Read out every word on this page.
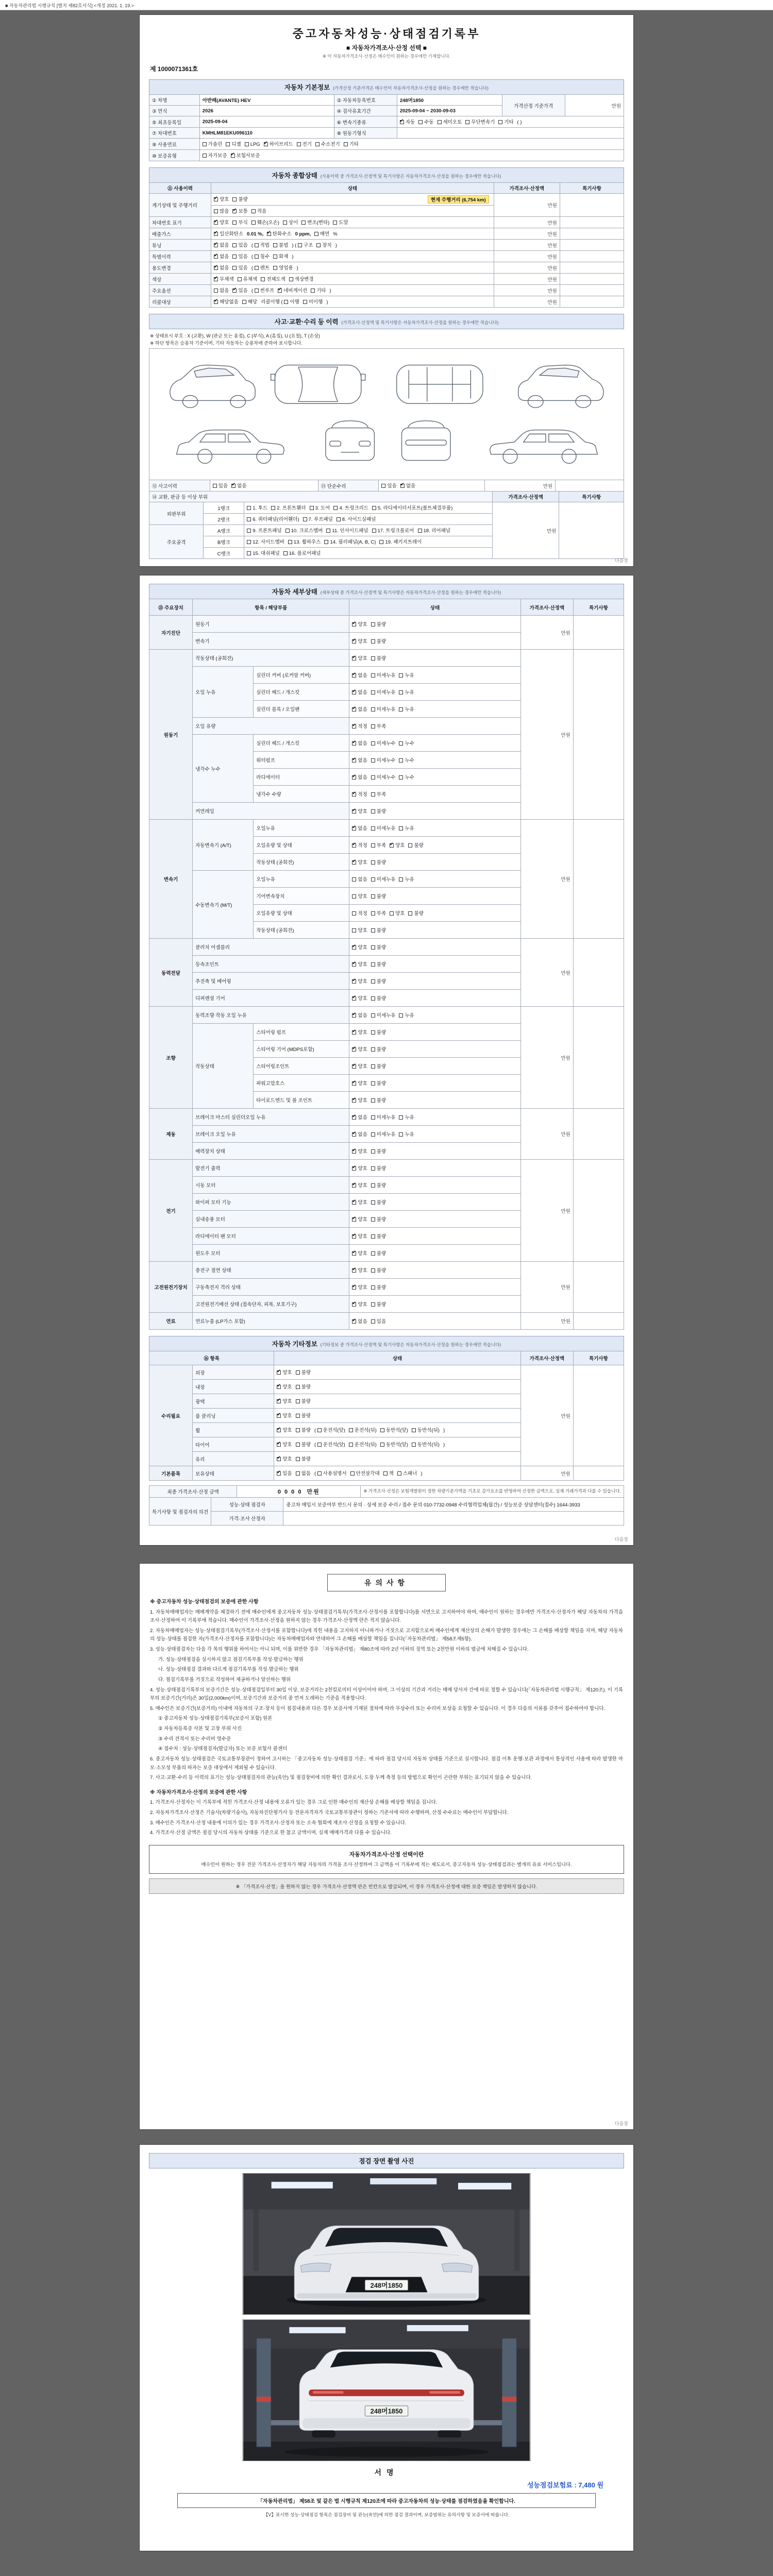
■ 자동차관리법 시행규칙 [별지 제82호서식] <개정 2021. 1. 19.>
중고자동차성능·상태점검기록부
■ 자동차가격조사·산정 선택 ■
※ 이 자동차가격조사·산정은 매수인이 원하는 경우에만 기재합니다.
제 1000071361호
자동차 기본정보 (가격산정 기준가격은 매수인이 자동차가격조사·산정을 원하는 경우에만 적습니다)
① 차명	아반떼(AVANTE) HEV	② 자동차등록번호	248머1850	가격산정 기준가격	만원
③ 연식	2026	④ 검사유효기간	2025-09-04 ~ 2030-09-03		
⑤ 최초등록일	2025-09-04	⑥ 변속기종류	✔자동 수동 세미오토 무단변속기 기타 ( )
⑦ 차대번호	KMHLM81EKU096110	⑧ 원동기형식			
⑨ 사용연료	가솔린 디젤 LPG ✔ 하이브리드 전기 수소전기 기타
⑩ 보증유형	자가보증 ✔ 보험사보증
자동차 종합상태 (사용이력 중 가격조사·산정액 및 특기사항은 자동차가격조사·산정을 원하는 경우에만 적습니다)
⑪ 사용이력	상태	가격조사·산정액	특기사항
계기상태 및 주행거리	✔양호 불량 현재 주행거리 (6,754 km)	만원	
	많음 ✔ 보통 적음
차대번호 표기	✔양호 부식 훼손(오손) 상이 변조(변타) 도말	만원	
배출가스	✔일산화탄소 0.01 %, ✔ 탄화수소 0 ppm, 매연 %	만원	
튜닝	✔없음 있음 ( 적법 불법 ) ( 구조 장치 )	만원	
특별이력	✔없음 있음 ( 침수 화재 )	만원	
용도변경	✔없음 있음 ( 렌트 영업용 )	만원	
색상	✔무채색 유채색 전체도색 색상변경	만원	
주요옵션	없음 ✔ 있음 ( 썬루프 ✔ 네비게이션 기타 )	만원	
리콜대상	✔해당없음 해당 리콜이행 ( 이행 미이행 )	만원	
사고·교환·수리 등 이력 (가격조사·산정액 및 특기사항은 자동차가격조사·산정을 원하는 경우에만 적습니다)
※ 상태표시 부호 : X (교환), W (판금 또는 용접), C (부식), A (흠집), U (요철), T (손상)
※ 하단 항목은 승용차 기준이며, 기타 자동차는 승용차에 준하여 표시합니다.
⑫ 사고이력	있음 ✔ 없음	⑬ 단순수리	있음 ✔ 없음	만원	
⑭ 교환, 판금 등 이상 부위			가격조사·산정액	특기사항
외판부위	1랭크	1. 후드 2. 프론트휀더 3. 도어 4. 트렁크리드 5. 라디에이터서포트(볼트체결부품)	만원	
	2랭크	6. 쿼터패널(리어휀더) 7. 루프패널 8. 사이드실패널		
주요골격	A랭크	9. 프론트패널 10. 크로스멤버 11. 인사이드패널 17. 트렁크플로어 18. 리어패널		
	B랭크	12. 사이드멤버 13. 휠하우스 14. 필러패널(A, B, C) 19. 패키지트레이		
	C랭크	15. 대쉬패널 16. 플로어패널		
다음장
자동차 세부상태 (세부상태 중 가격조사·산정액 및 특기사항은 자동차가격조사·산정을 원하는 경우에만 적습니다)
⑮ 주요장치	항목 / 해당부품		상태	가격조사·산정액	특기사항
자기진단	원동기	✔양호 불량	만원	
	변속기	✔양호 불량
원동기	작동상태 (공회전)	✔양호 불량	만원	
	오일 누유	실린더 커버 (로커암 커버)	✔없음 미세누유 누유
		실린더 헤드 / 개스킷	✔없음 미세누유 누유
		실린더 블록 / 오일팬	✔없음 미세누유 누유
	오일 유량	✔적정 부족
	냉각수 누수	실린더 헤드 / 개스킷	✔없음 미세누수 누수
		워터펌프	✔없음 미세누수 누수
		라디에이터	✔없음 미세누수 누수
		냉각수 수량	✔적정 부족
	커먼레일	✔양호 불량
변속기	자동변속기 (A/T)	오일누유	✔없음 미세누유 누유	만원	
		오일유량 및 상태	✔적정 부족 ✔ 양호 불량
		작동상태 (공회전)	✔양호 불량
	수동변속기 (M/T)	오일누유	없음 미세누유 누유		
		기어변속장치	양호 불량		
		오일유량 및 상태	적정 부족 양호 불량		
		작동상태 (공회전)	양호 불량		
동력전달	클러치 어셈블리	✔양호 불량	만원	
	등속조인트	✔양호 불량
	추진축 및 베어링	✔양호 불량
	디퍼렌셜 기어	✔양호 불량
조향	동력조향 작동 오일 누유	✔없음 미세누유 누유	만원	
	작동상태	스티어링 펌프	✔양호 불량
		스티어링 기어 (MDPS포함)	✔양호 불량
		스티어링조인트	✔양호 불량
		파워고압호스	✔양호 불량
		타이로드엔드 및 볼 조인트	✔양호 불량
제동	브레이크 마스터 실린더오일 누유	✔없음 미세누유 누유	만원	
	브레이크 오일 누유	✔없음 미세누유 누유
	배력장치 상태	✔양호 불량
전기	발전기 출력	✔양호 불량	만원	
	시동 모터	✔양호 불량
	와이퍼 모터 기능	✔양호 불량
	실내송풍 모터	✔양호 불량
	라디에이터 팬 모터	✔양호 불량
	윈도우 모터	✔양호 불량
고전원전기장치	충전구 절연 상태	✔양호 불량	만원	
	구동축전지 격리 상태	✔양호 불량
	고전원전기배선 상태 (접속단자, 피복, 보호기구)	✔양호 불량
연료	연료누출 (LP가스 포함)	✔없음 있음	만원	
자동차 기타정보 (기타정보 중 가격조사·산정액 및 특기사항은 자동차가격조사·산정을 원하는 경우에만 적습니다)
⑯ 항목		상태	가격조사·산정액	특기사항
수리필요	외장	✔양호 불량	만원	
	내장	✔양호 불량
	광택	✔양호 불량
	룸 클리닝	✔양호 불량
	휠	✔양호 불량 ( 운전석(앞) 운전석(뒤) 동반석(앞) 동반석(뒤) )
	타이어	✔양호 불량 ( 운전석(앞) 운전석(뒤) 동반석(앞) 동반석(뒤) )
	유리	✔양호 불량
기본품목	보유상태	✔있음 없음 ( 사용설명서 안전삼각대 잭 스패너 )	만원	
최종 가격조사·산정 금액	0 0 0 0 만원	※ 가격조사·산정은 보험개발원이 정한 차량기준가액을 기초로 감가요소를 반영하여 산정한 금액으로, 실제 거래가격과 다를 수 있습니다.
특기사항 및 점검자의 의견	성능·상태 점검자	중고차 매입시 보증여부 반드시 문의 · 상세 보증 수리 / 접수 문의 010-7732-0948 수리협력업체(월간) / 성능보증 상담센터(접수) 1644-3933
	가격·조사 산정자	
다음장
유의사항
※ 중고자동차 성능·상태점검의 보증에 관한 사항
1. 자동차매매업자는 매매계약을 체결하기 전에 매수인에게 중고자동차 성능·상태점검기록부(가격조사·산정서를 포함합니다)를 서면으로 고지하여야 하며, 매수인이 원하는 경우에만 가격조사·산정자가 해당 자동차의 가격을 조사·산정하여 이 기록부에 적습니다. 매수인이 가격조사·산정을 원하지 않는 경우 가격조사·산정액 란은 적지 않습니다.
2. 자동차매매업자는 성능·상태점검기록부(가격조사·산정서를 포함합니다)에 적힌 내용을 고지하지 아니하거나 거짓으로 고지함으로써 매수인에게 재산상의 손해가 발생한 경우에는 그 손해를 배상할 책임을 지며, 해당 자동차의 성능·상태를 점검한 자(가격조사·산정자를 포함합니다)는 자동차매매업자와 연대하여 그 손해를 배상할 책임을 집니다(「자동차관리법」 제58조제5항).
3. 성능·상태점검자는 다음 각 목의 행위를 하여서는 아니 되며, 이를 위반한 경우 「자동차관리법」 제80조에 따라 2년 이하의 징역 또는 2천만원 이하의 벌금에 처해질 수 있습니다.
가. 성능·상태점검을 실시하지 않고 점검기록부를 작성·발급하는 행위
나. 성능·상태점검 결과와 다르게 점검기록부를 작성·발급하는 행위
다. 점검기록부를 거짓으로 작성하여 제공하거나 알선하는 행위
4. 성능·상태점검기록부의 보증기간은 성능·상태점검일부터 30일 이상, 보증거리는 2천킬로미터 이상이어야 하며, 그 이상의 기간과 거리는 매매 당사자 간에 따로 정할 수 있습니다(「자동차관리법 시행규칙」 제120조). 이 기록부의 보증기간(거리)은 30일(2,000km)이며, 보증기간과 보증거리 중 먼저 도래하는 기준을 적용합니다.
5. 매수인은 보증기간(보증거리) 이내에 자동차의 구조·장치 등이 점검내용과 다른 경우 보증서에 기재된 절차에 따라 무상수리 또는 수리비 보상을 요청할 수 있습니다. 이 경우 다음의 서류를 갖추어 접수하여야 합니다.
① 중고자동차 성능·상태점검기록부(보증서 포함) 원본
② 자동차등록증 사본 및 고장 부위 사진
③ 수리 견적서 또는 수리비 영수증
④ 접수처 : 성능·상태점검자(발급자) 또는 보증 보험사 콜센터
6. 중고자동차 성능·상태점검은 국토교통부장관이 정하여 고시하는 「중고자동차 성능·상태점검 기준」에 따라 점검 당시의 자동차 상태를 기준으로 실시합니다. 점검 이후 운행·보관 과정에서 통상적인 사용에 따라 발생한 마모·소모성 부품의 하자는 보증 대상에서 제외될 수 있습니다.
7. 사고·교환·수리 등 이력의 표기는 성능·상태점검자의 관능(육안) 및 점검장비에 의한 확인 결과로서, 도장 두께 측정 등의 방법으로 확인이 곤란한 부위는 표기되지 않을 수 있습니다.
※ 자동차가격조사·산정의 보증에 관한 사항
1. 가격조사·산정자는 이 기록부에 적힌 가격조사·산정 내용에 오류가 있는 경우 그로 인한 매수인의 재산상 손해를 배상할 책임을 집니다.
2. 자동차가격조사·산정은 기술사(차량기술사), 자동차진단평가사 등 전문자격자가 국토교통부장관이 정하는 기준서에 따라 수행하며, 산정 수수료는 매수인이 부담합니다.
3. 매수인은 가격조사·산정 내용에 이의가 있는 경우 가격조사·산정자 또는 소속 협회에 재조사·산정을 요청할 수 있습니다.
4. 가격조사·산정 금액은 점검 당시의 자동차 상태를 기준으로 한 참고 금액이며, 실제 매매가격과 다를 수 있습니다.
자동차가격조사·산정 선택이란
매수인이 원하는 경우 전문 가격조사·산정자가 해당 자동차의 가격을 조사·산정하여 그 금액을 이 기록부에 적는 제도로서, 중고자동차 성능·상태점검과는 별개의 유료 서비스입니다.
※ 「가격조사·산정」을 원하지 않는 경우 가격조사·산정액 란은 빈칸으로 발급되며, 이 경우 가격조사·산정에 대한 보증 책임은 발생하지 않습니다.
다음장
점검 장면 촬영 사진
248머1850
248머1850
서명
성능점검보험료 : 7,480 원
「자동차관리법」 제58조 및 같은 법 시행규칙 제120조에 따라 중고자동차의 성능·상태를 점검하였음을 확인합니다.
【V】표시한 성능·상태점검 항목은 점검장비 및 관능(육안)에 의한 점검 결과이며, 보증범위는 유의사항 및 보증서에 따릅니다.
